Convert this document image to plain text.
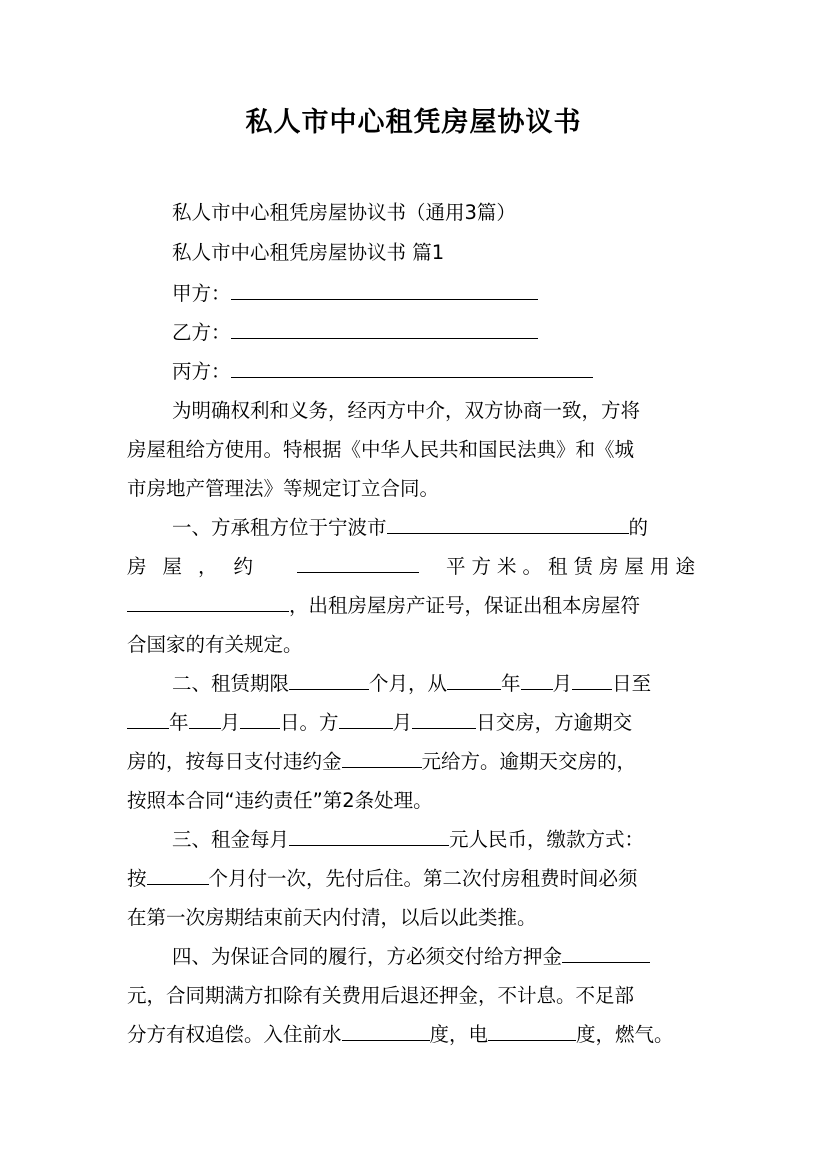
私人市中心租凭房屋协议书
私人市中心租凭房屋协议书（通用3篇）
私人市中心租凭房屋协议书 篇1
甲方：
乙方：
丙方：
为明确权利和义务，经丙方中介，双方协商一致，方将
房屋租给方使用。特根据《中华人民共和国民法典》和《城
市房地产管理法》等规定订立合同。
一、方承租方位于宁波市	的
房屋，约	平方米。租赁房屋用途
，出租房屋房产证号，保证出租本房屋符
合国家的有关规定。
二、租赁期限	个月，从	年 月 日至
年 月 日。方	月	日交房，方逾期交
房的，按每日支付违约金	元给方。逾期天交房的，
按照本合同“违约责任”第2条处理。
三、租金每月	元人民币，缴款方式：
按	个月付一次，先付后住。第二次付房租费时间必须
在第一次房期结束前天内付清，以后以此类推。
四、为保证合同的履行，方必须交付给方押金
元，合同期满方扣除有关费用后退还押金，不计息。不足部
分方有权追偿。入住前水	度，电	度，燃气。
